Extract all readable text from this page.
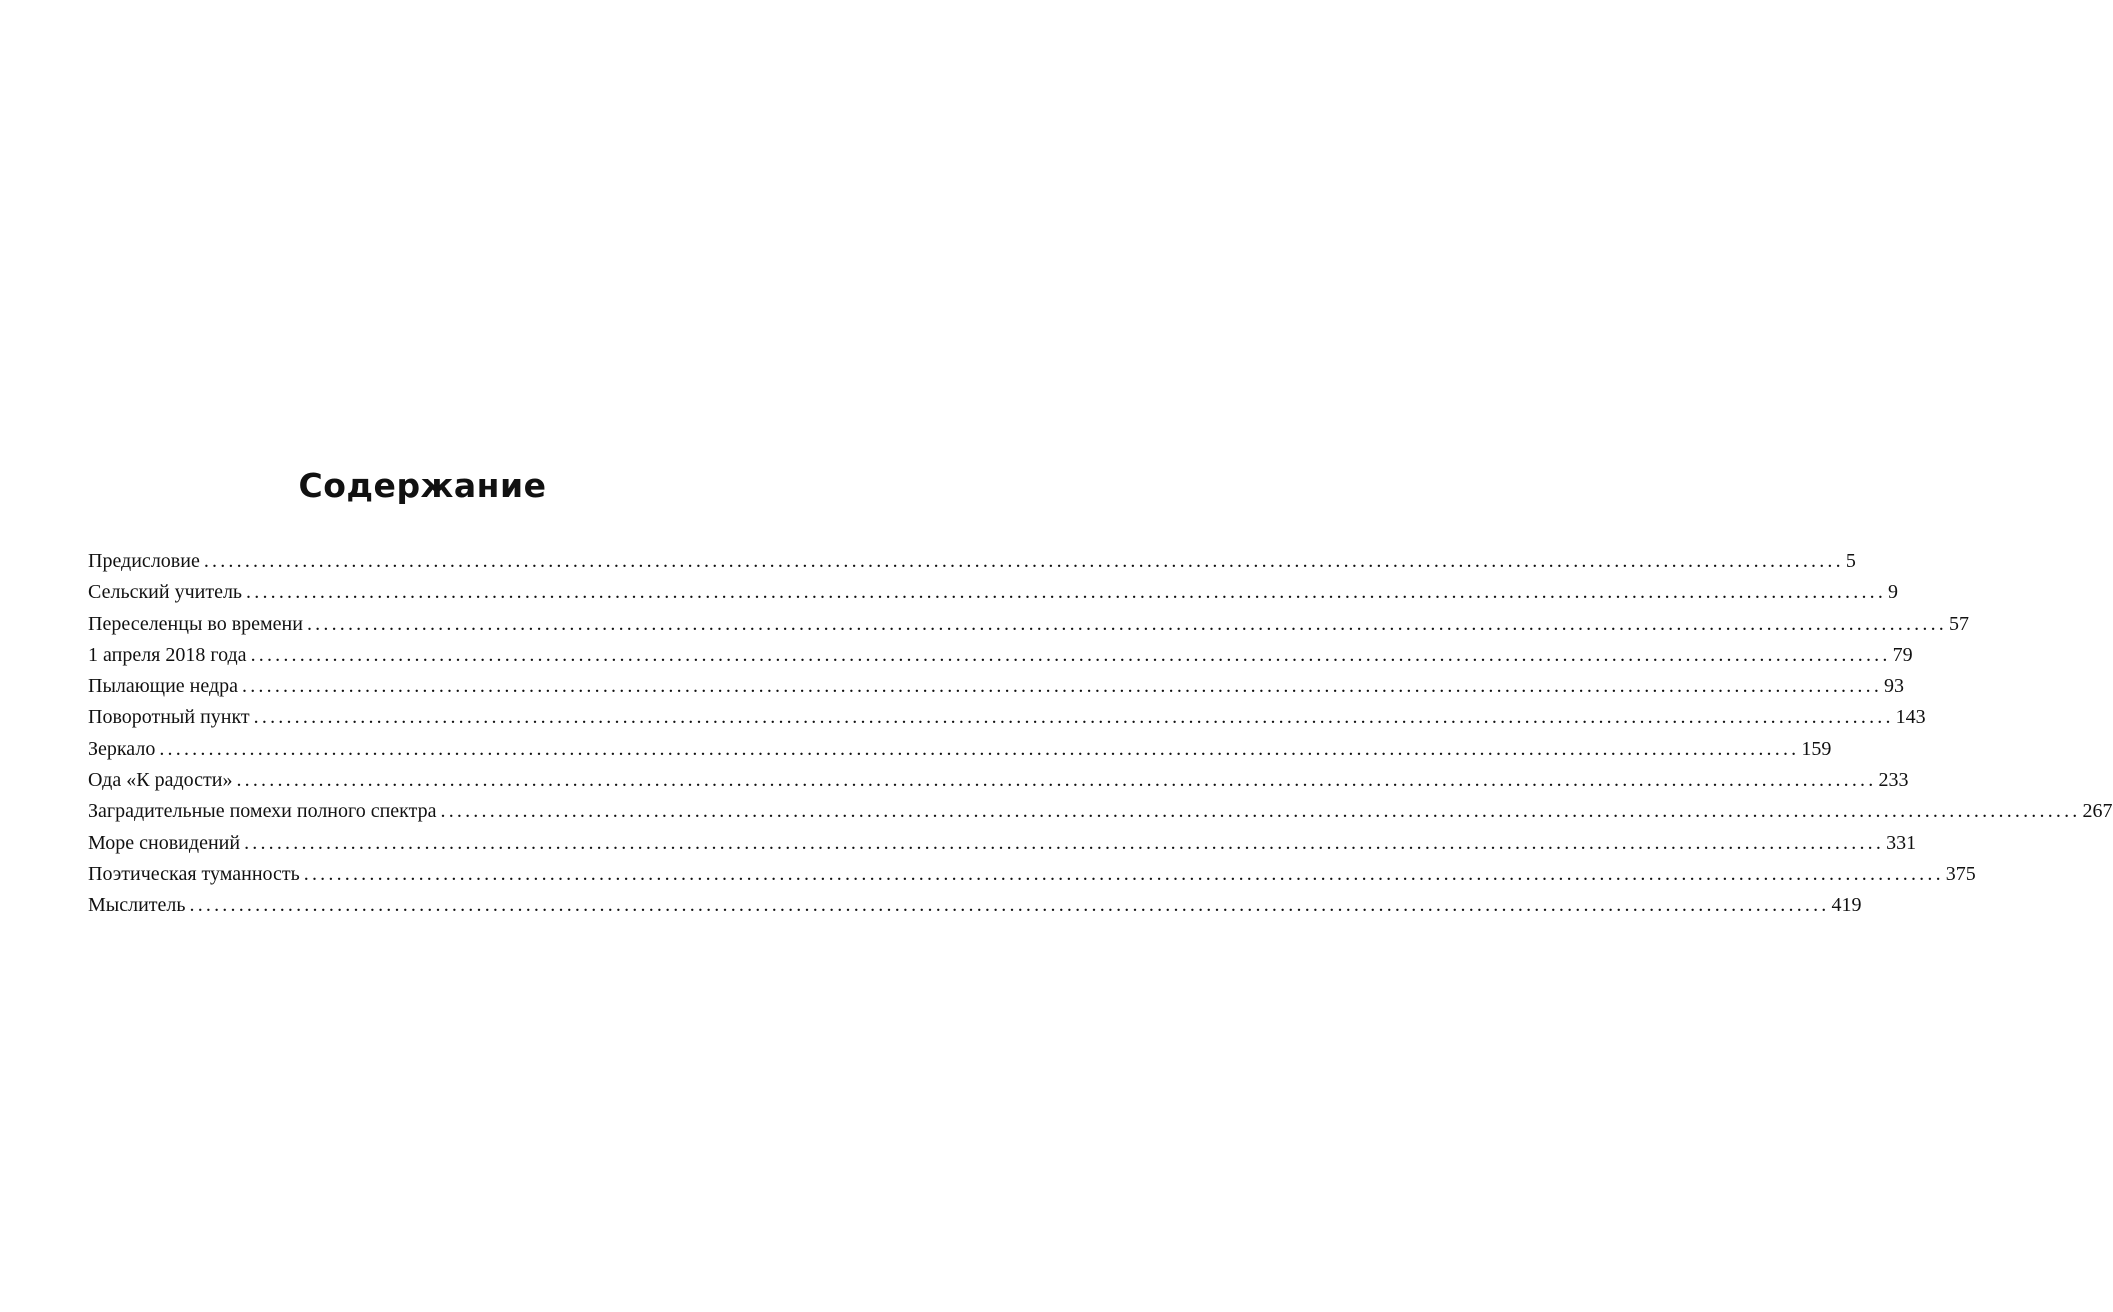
Содержание
Предисловие ........................................................................................................................................................................................................ 5
Сельский учитель ........................................................................................................................................................................................................ 9
Переселенцы во времени ........................................................................................................................................................................................................ 57
1 апреля 2018 года ........................................................................................................................................................................................................ 79
Пылающие недра ........................................................................................................................................................................................................ 93
Поворотный пункт ........................................................................................................................................................................................................ 143
Зеркало ........................................................................................................................................................................................................ 159
Ода «К радости» ........................................................................................................................................................................................................ 233
Заградительные помехи полного спектра ........................................................................................................................................................................................................ 267
Море сновидений ........................................................................................................................................................................................................ 331
Поэтическая туманность ........................................................................................................................................................................................................ 375
Мыслитель ........................................................................................................................................................................................................ 419
